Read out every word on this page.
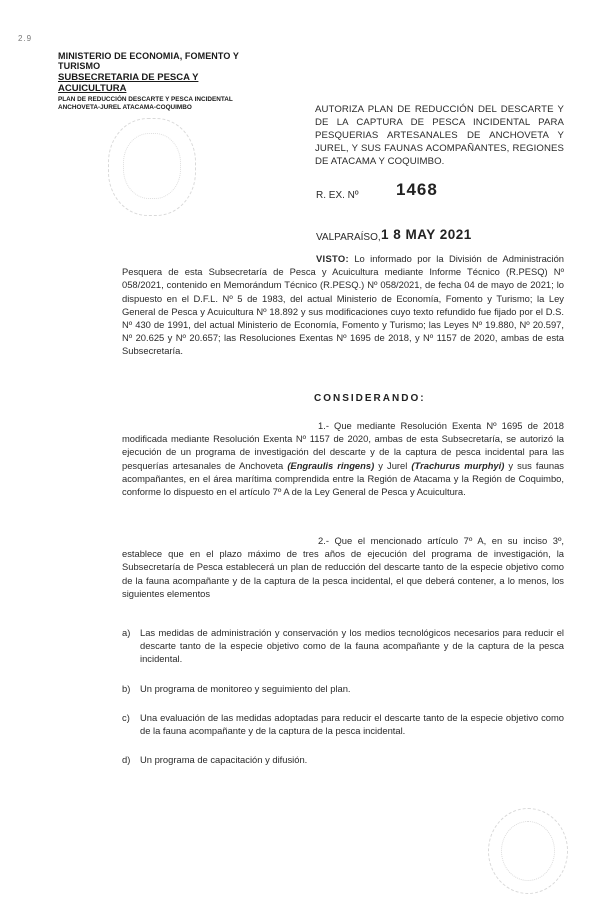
2.9
MINISTERIO DE ECONOMIA, FOMENTO Y TURISMO
SUBSECRETARIA DE PESCA Y ACUICULTURA
PLAN DE REDUCCIÓN DESCARTE Y PESCA INCIDENTAL
ANCHOVETA-JUREL ATACAMA-COQUIMBO	AUTORIZA PLAN DE REDUCCIÓN DEL DESCARTE Y DE LA CAPTURA DE PESCA INCIDENTAL PARA PESQUERIAS ARTESANALES DE ANCHOVETA Y JUREL, Y SUS FAUNAS ACOMPAÑANTES, REGIONES DE ATACAMA Y COQUIMBO.
R. EX. Nº 1468
VALPARAÍSO, 1 8 MAY 2021
VISTO: Lo informado por la División de Administración Pesquera de esta Subsecretaría de Pesca y Acuicultura mediante Informe Técnico (R.PESQ) Nº 058/2021, contenido en Memorándum Técnico (R.PESQ.) Nº 058/2021, de fecha 04 de mayo de 2021; lo dispuesto en el D.F.L. Nº 5 de 1983, del actual Ministerio de Economía, Fomento y Turismo; la Ley General de Pesca y Acuicultura Nº 18.892 y sus modificaciones cuyo texto refundido fue fijado por el D.S. Nº 430 de 1991, del actual Ministerio de Economía, Fomento y Turismo; las Leyes Nº 19.880, Nº 20.597, Nº 20.625 y Nº 20.657; las Resoluciones Exentas Nº 1695 de 2018, y Nº 1157 de 2020, ambas de esta Subsecretaría.
CONSIDERANDO:
1.- Que mediante Resolución Exenta Nº 1695 de 2018 modificada mediante Resolución Exenta Nº 1157 de 2020, ambas de esta Subsecretaría, se autorizó la ejecución de un programa de investigación del descarte y de la captura de pesca incidental para las pesquerías artesanales de Anchoveta (Engraulis ringens) y Jurel (Trachurus murphyi) y sus faunas acompañantes, en el área marítima comprendida entre la Región de Atacama y la Región de Coquimbo, conforme lo dispuesto en el artículo 7º A de la Ley General de Pesca y Acuicultura.
2.- Que el mencionado artículo 7º A, en su inciso 3º, establece que en el plazo máximo de tres años de ejecución del programa de investigación, la Subsecretaría de Pesca establecerá un plan de reducción del descarte tanto de la especie objetivo como de la fauna acompañante y de la captura de la pesca incidental, el que deberá contener, a lo menos, los siguientes elementos
a) Las medidas de administración y conservación y los medios tecnológicos necesarios para reducir el descarte tanto de la especie objetivo como de la fauna acompañante y de la captura de la pesca incidental.
b) Un programa de monitoreo y seguimiento del plan.
c) Una evaluación de las medidas adoptadas para reducir el descarte tanto de la especie objetivo como de la fauna acompañante y de la captura de la pesca incidental.
d) Un programa de capacitación y difusión.
